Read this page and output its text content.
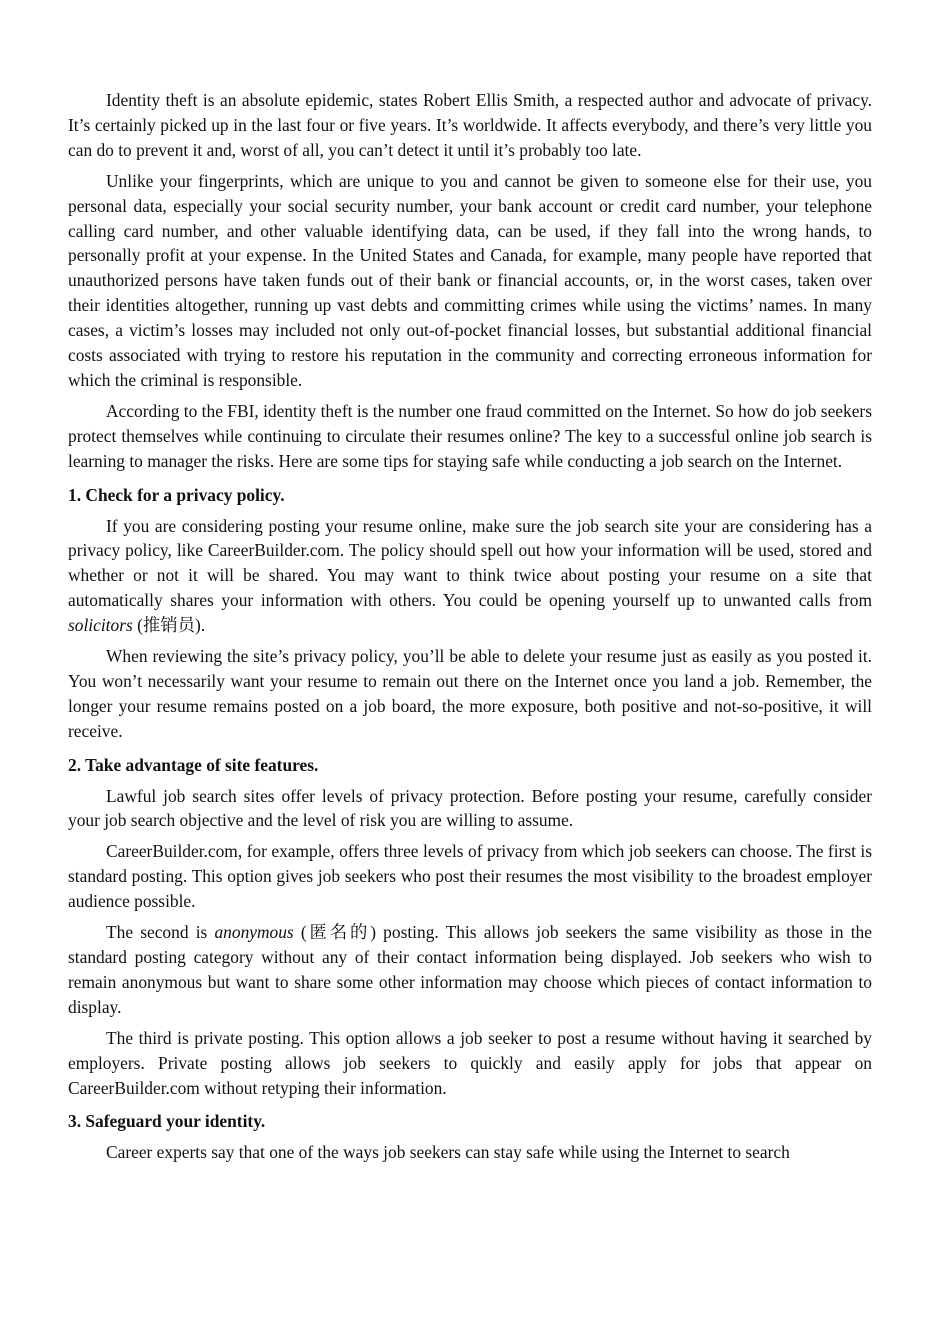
Identity theft is an absolute epidemic, states Robert Ellis Smith, a respected author and advocate of privacy. It’s certainly picked up in the last four or five years. It’s worldwide. It affects everybody, and there’s very little you can do to prevent it and, worst of all, you can’t detect it until it’s probably too late.

Unlike your fingerprints, which are unique to you and cannot be given to someone else for their use, you personal data, especially your social security number, your bank account or credit card number, your telephone calling card number, and other valuable identifying data, can be used, if they fall into the wrong hands, to personally profit at your expense. In the United States and Canada, for example, many people have reported that unauthorized persons have taken funds out of their bank or financial accounts, or, in the worst cases, taken over their identities altogether, running up vast debts and committing crimes while using the victims’ names. In many cases, a victim’s losses may included not only out-of-pocket financial losses, but substantial additional financial costs associated with trying to restore his reputation in the community and correcting erroneous information for which the criminal is responsible.

According to the FBI, identity theft is the number one fraud committed on the Internet. So how do job seekers protect themselves while continuing to circulate their resumes online? The key to a successful online job search is learning to manager the risks. Here are some tips for staying safe while conducting a job search on the Internet.

1. Check for a privacy policy.

If you are considering posting your resume online, make sure the job search site your are considering has a privacy policy, like CareerBuilder.com. The policy should spell out how your information will be used, stored and whether or not it will be shared. You may want to think twice about posting your resume on a site that automatically shares your information with others. You could be opening yourself up to unwanted calls from solicitors (推销员).

When reviewing the site’s privacy policy, you’ll be able to delete your resume just as easily as you posted it. You won’t necessarily want your resume to remain out there on the Internet once you land a job. Remember, the longer your resume remains posted on a job board, the more exposure, both positive and not-so-positive, it will receive.

2. Take advantage of site features.

Lawful job search sites offer levels of privacy protection. Before posting your resume, carefully consider your job search objective and the level of risk you are willing to assume.

CareerBuilder.com, for example, offers three levels of privacy from which job seekers can choose. The first is standard posting. This option gives job seekers who post their resumes the most visibility to the broadest employer audience possible.

The second is anonymous (匿名的) posting. This allows job seekers the same visibility as those in the standard posting category without any of their contact information being displayed. Job seekers who wish to remain anonymous but want to share some other information may choose which pieces of contact information to display.

The third is private posting. This option allows a job seeker to post a resume without having it searched by employers. Private posting allows job seekers to quickly and easily apply for jobs that appear on CareerBuilder.com without retyping their information.

3. Safeguard your identity.

Career experts say that one of the ways job seekers can stay safe while using the Internet to search
